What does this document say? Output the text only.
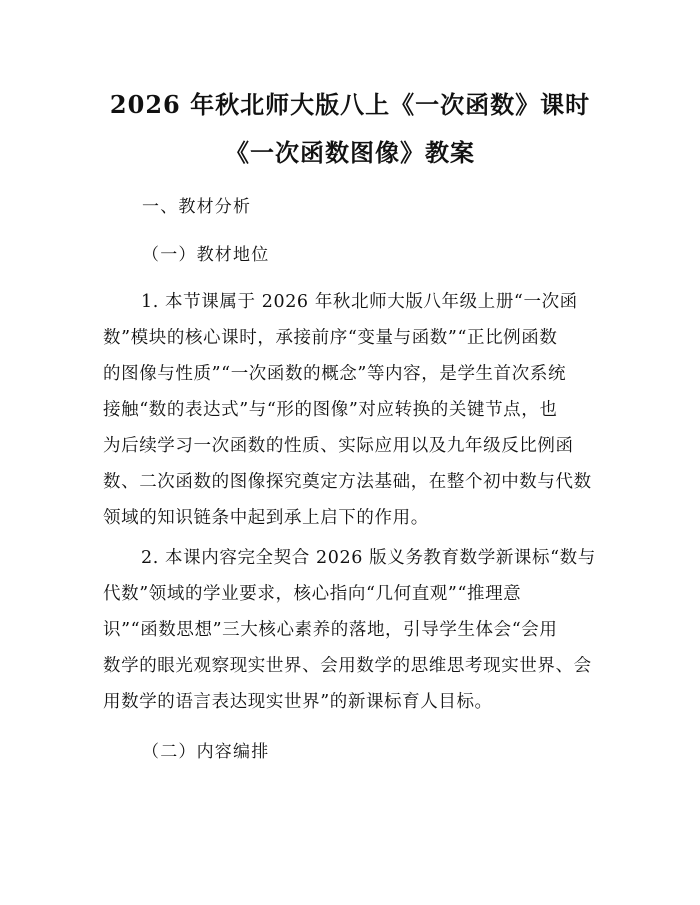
2026 年秋北师大版八上《一次函数》课时
《一次函数图像》教案
一、教材分析
（一）教材地位
1. 本节课属于 2026 年秋北师大版八年级上册“一次函
数”模块的核心课时，承接前序“变量与函数”“正比例函数
的图像与性质”“一次函数的概念”等内容，是学生首次系统
接触“数的表达式”与“形的图像”对应转换的关键节点，也
为后续学习一次函数的性质、实际应用以及九年级反比例函
数、二次函数的图像探究奠定方法基础，在整个初中数与代数
领域的知识链条中起到承上启下的作用。
2. 本课内容完全契合 2026 版义务教育数学新课标“数与
代数”领域的学业要求，核心指向“几何直观”“推理意
识”“函数思想”三大核心素养的落地，引导学生体会“会用
数学的眼光观察现实世界、会用数学的思维思考现实世界、会
用数学的语言表达现实世界”的新课标育人目标。
（二）内容编排
